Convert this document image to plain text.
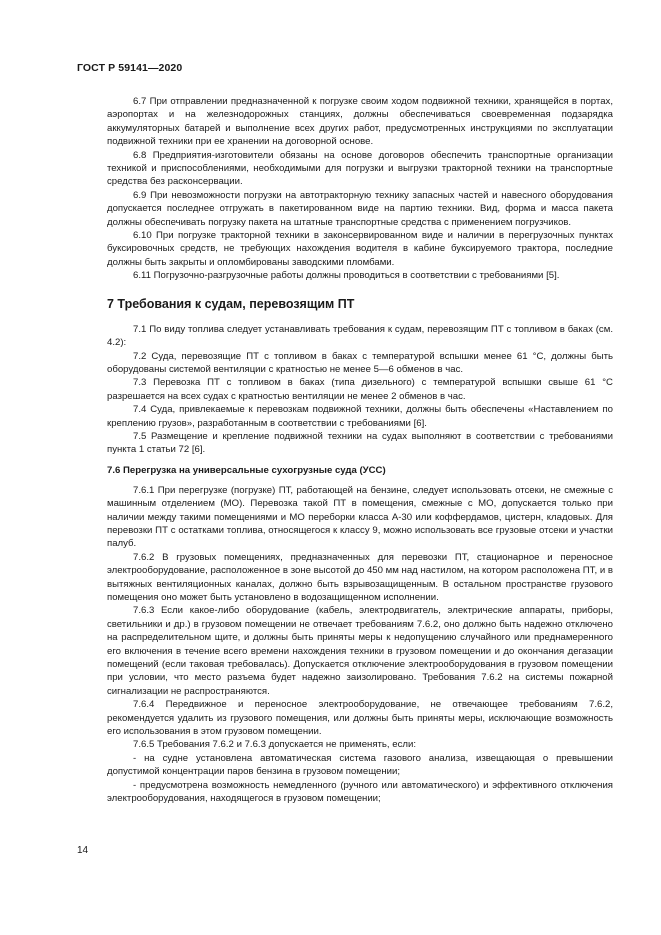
ГОСТ Р 59141—2020

6.7 При отправлении предназначенной к погрузке своим ходом подвижной техники, хранящейся в портах, аэропортах и на железнодорожных станциях, должны обеспечиваться своевременная подзарядка аккумуляторных батарей и выполнение всех других работ, предусмотренных инструкциями по эксплуатации подвижной техники при ее хранении на договорной основе.

6.8 Предприятия-изготовители обязаны на основе договоров обеспечить транспортные организации техникой и приспособлениями, необходимыми для погрузки и выгрузки тракторной техники на транспортные средства без расконсервации.

6.9 При невозможности погрузки на автотракторную технику запасных частей и навесного оборудования допускается последнее отгружать в пакетированном виде на партию техники. Вид, форма и масса пакета должны обеспечивать погрузку пакета на штатные транспортные средства с применением погрузчиков.

6.10 При погрузке тракторной техники в законсервированном виде и наличии в перегрузочных пунктах буксировочных средств, не требующих нахождения водителя в кабине буксируемого трактора, последние должны быть закрыты и опломбированы заводскими пломбами.

6.11 Погрузочно-разгрузочные работы должны проводиться в соответствии с требованиями [5].

7 Требования к судам, перевозящим ПТ

7.1 По виду топлива следует устанавливать требования к судам, перевозящим ПТ с топливом в баках (см. 4.2):

7.2 Суда, перевозящие ПТ с топливом в баках с температурой вспышки менее 61 °С, должны быть оборудованы системой вентиляции с кратностью не менее 5—6 обменов в час.

7.3 Перевозка ПТ с топливом в баках (типа дизельного) с температурой вспышки свыше 61 °С разрешается на всех судах с кратностью вентиляции не менее 2 обменов в час.

7.4 Суда, привлекаемые к перевозкам подвижной техники, должны быть обеспечены «Наставлением по креплению грузов», разработанным в соответствии с требованиями [6].

7.5 Размещение и крепление подвижной техники на судах выполняют в соответствии с требованиями пункта 1 статьи 72 [6].

7.6 Перегрузка на универсальные сухогрузные суда (УСС)

7.6.1 При перегрузке (погрузке) ПТ, работающей на бензине, следует использовать отсеки, не смежные с машинным отделением (МО). Перевозка такой ПТ в помещения, смежные с МО, допускается только при наличии между такими помещениями и МО переборки класса А-30 или коффердамов, цистерн, кладовых. Для перевозки ПТ с остатками топлива, относящегося к классу 9, можно использовать все грузовые отсеки и участки палуб.

7.6.2 В грузовых помещениях, предназначенных для перевозки ПТ, стационарное и переносное электрооборудование, расположенное в зоне высотой до 450 мм над настилом, на котором расположена ПТ, и в вытяжных вентиляционных каналах, должно быть взрывозащищенным. В остальном пространстве грузового помещения оно может быть установлено в водозащищенном исполнении.

7.6.3 Если какое-либо оборудование (кабель, электродвигатель, электрические аппараты, приборы, светильники и др.) в грузовом помещении не отвечает требованиям 7.6.2, оно должно быть надежно отключено на распределительном щите, и должны быть приняты меры к недопущению случайного или преднамеренного его включения в течение всего времени нахождения техники в грузовом помещении и до окончания дегазации помещений (если таковая требовалась). Допускается отключение электрооборудования в грузовом помещении при условии, что место разъема будет надежно заизолировано. Требования 7.6.2 на системы пожарной сигнализации не распространяются.

7.6.4 Передвижное и переносное электрооборудование, не отвечающее требованиям 7.6.2, рекомендуется удалить из грузового помещения, или должны быть приняты меры, исключающие возможность его использования в этом грузовом помещении.

7.6.5 Требования 7.6.2 и 7.6.3 допускается не применять, если:

- на судне установлена автоматическая система газового анализа, извещающая о превышении допустимой концентрации паров бензина в грузовом помещении;

- предусмотрена возможность немедленного (ручного или автоматического) и эффективного отключения электрооборудования, находящегося в грузовом помещении;

14
